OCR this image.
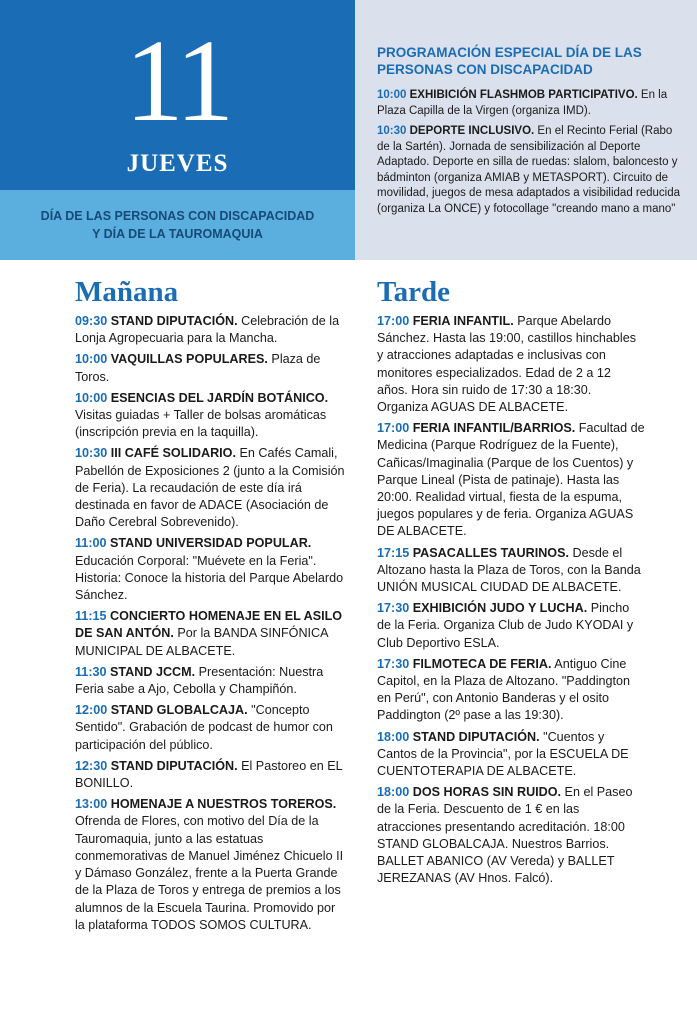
11
JUEVES
DÍA DE LAS PERSONAS CON DISCAPACIDAD
Y DÍA DE LA TAUROMAQUIA
PROGRAMACIÓN ESPECIAL DÍA DE LAS PERSONAS CON DISCAPACIDAD
10:00 EXHIBICIÓN FLASHMOB PARTICIPATIVO. En la Plaza Capilla de la Virgen (organiza IMD).
10:30 DEPORTE INCLUSIVO. En el Recinto Ferial (Rabo de la Sartén). Jornada de sensibilización al Deporte Adaptado. Deporte en silla de ruedas: slalom, baloncesto y bádminton (organiza AMIAB y METASPORT). Circuito de movilidad, juegos de mesa adaptados a visibilidad reducida (organiza La ONCE) y fotocollage "creando mano a mano"
Mañana
09:30 STAND DIPUTACIÓN. Celebración de la Lonja Agropecuaria para la Mancha.
10:00 VAQUILLAS POPULARES. Plaza de Toros.
10:00 ESENCIAS DEL JARDÍN BOTÁNICO. Visitas guiadas + Taller de bolsas aromáticas (inscripción previa en la taquilla).
10:30 III CAFÉ SOLIDARIO. En Cafés Camali, Pabellón de Exposiciones 2 (junto a la Comisión de Feria). La recaudación de este día irá destinada en favor de ADACE (Asociación de Daño Cerebral Sobrevenido).
11:00 STAND UNIVERSIDAD POPULAR. Educación Corporal: "Muévete en la Feria". Historia: Conoce la historia del Parque Abelardo Sánchez.
11:15 CONCIERTO HOMENAJE EN EL ASILO DE SAN ANTÓN. Por la BANDA SINFÓNICA MUNICIPAL DE ALBACETE.
11:30 STAND JCCM. Presentación: Nuestra Feria sabe a Ajo, Cebolla y Champiñón.
12:00 STAND GLOBALCAJA. "Concepto Sentido". Grabación de podcast de humor con participación del público.
12:30 STAND DIPUTACIÓN. El Pastoreo en EL BONILLO.
13:00 HOMENAJE A NUESTROS TOREROS. Ofrenda de Flores, con motivo del Día de la Tauromaquia, junto a las estatuas conmemorativas de Manuel Jiménez Chicuelo II y Dámaso González, frente a la Puerta Grande de la Plaza de Toros y entrega de premios a los alumnos de la Escuela Taurina. Promovido por la plataforma TODOS SOMOS CULTURA.
Tarde
17:00 FERIA INFANTIL. Parque Abelardo Sánchez. Hasta las 19:00, castillos hinchables y atracciones adaptadas e inclusivas con monitores especializados. Edad de 2 a 12 años. Hora sin ruido de 17:30 a 18:30. Organiza AGUAS DE ALBACETE.
17:00 FERIA INFANTIL/BARRIOS. Facultad de Medicina (Parque Rodríguez de la Fuente), Cañicas/Imaginalia (Parque de los Cuentos) y Parque Lineal (Pista de patinaje). Hasta las 20:00. Realidad virtual, fiesta de la espuma, juegos populares y de feria. Organiza AGUAS DE ALBACETE.
17:15 PASACALLES TAURINOS. Desde el Altozano hasta la Plaza de Toros, con la Banda UNIÓN MUSICAL CIUDAD DE ALBACETE.
17:30 EXHIBICIÓN JUDO Y LUCHA. Pincho de la Feria. Organiza Club de Judo KYODAI y Club Deportivo ESLA.
17:30 FILMOTECA DE FERIA. Antiguo Cine Capitol, en la Plaza de Altozano. "Paddington en Perú", con Antonio Banderas y el osito Paddington (2º pase a las 19:30).
18:00 STAND DIPUTACIÓN. "Cuentos y Cantos de la Provincia", por la ESCUELA DE CUENTOTERAPIA DE ALBACETE.
18:00 DOS HORAS SIN RUIDO. En el Paseo de la Feria. Descuento de 1 € en las atracciones presentando acreditación. 18:00 STAND GLOBALCAJA. Nuestros Barrios. BALLET ABANICO (AV Vereda) y BALLET JEREZANAS (AV Hnos. Falcó).
